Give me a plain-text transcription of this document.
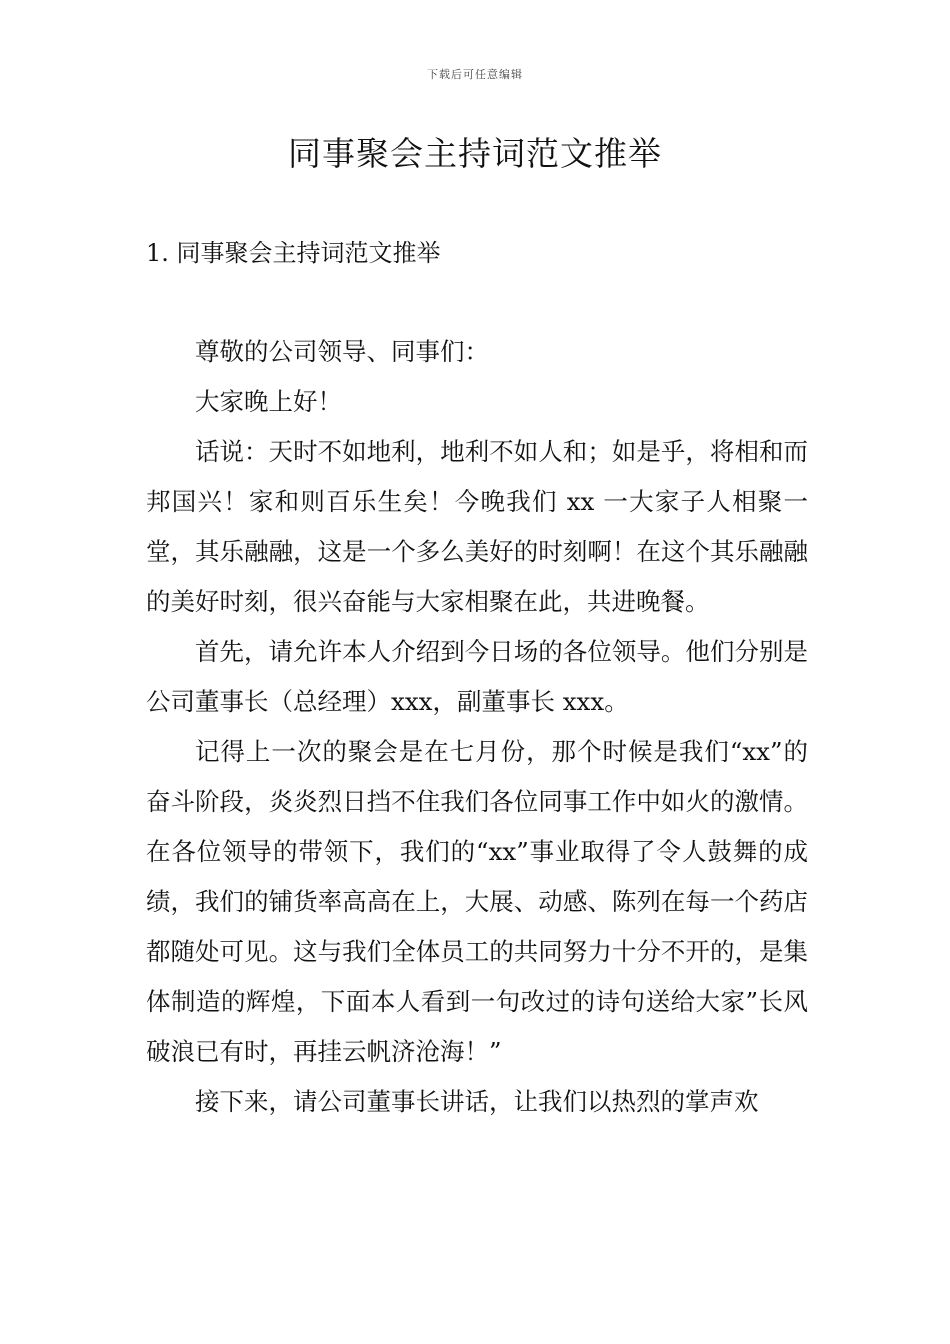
下载后可任意编辑
同事聚会主持词范文推举
1. 同事聚会主持词范文推举

尊敬的公司领导、同事们：

大家晚上好！

话说：天时不如地利，地利不如人和；如是乎，将相和而邦国兴！家和则百乐生矣！今晚我们 xx 一大家子人相聚一堂，其乐融融，这是一个多么美好的时刻啊！在这个其乐融融的美好时刻，很兴奋能与大家相聚在此，共进晚餐。

首先，请允许本人介绍到今日场的各位领导。他们分别是公司董事长（总经理）xxx，副董事长 xxx。

记得上一次的聚会是在七月份，那个时候是我们“xx”的奋斗阶段，炎炎烈日挡不住我们各位同事工作中如火的激情。在各位领导的带领下，我们的“xx”事业取得了令人鼓舞的成绩，我们的铺货率高高在上，大展、动感、陈列在每一个药店都随处可见。这与我们全体员工的共同努力十分不开的，是集体制造的辉煌，下面本人看到一句改过的诗句送给大家”长风破浪已有时，再挂云帆济沧海！”

接下来，请公司董事长讲话，让我们以热烈的掌声欢
